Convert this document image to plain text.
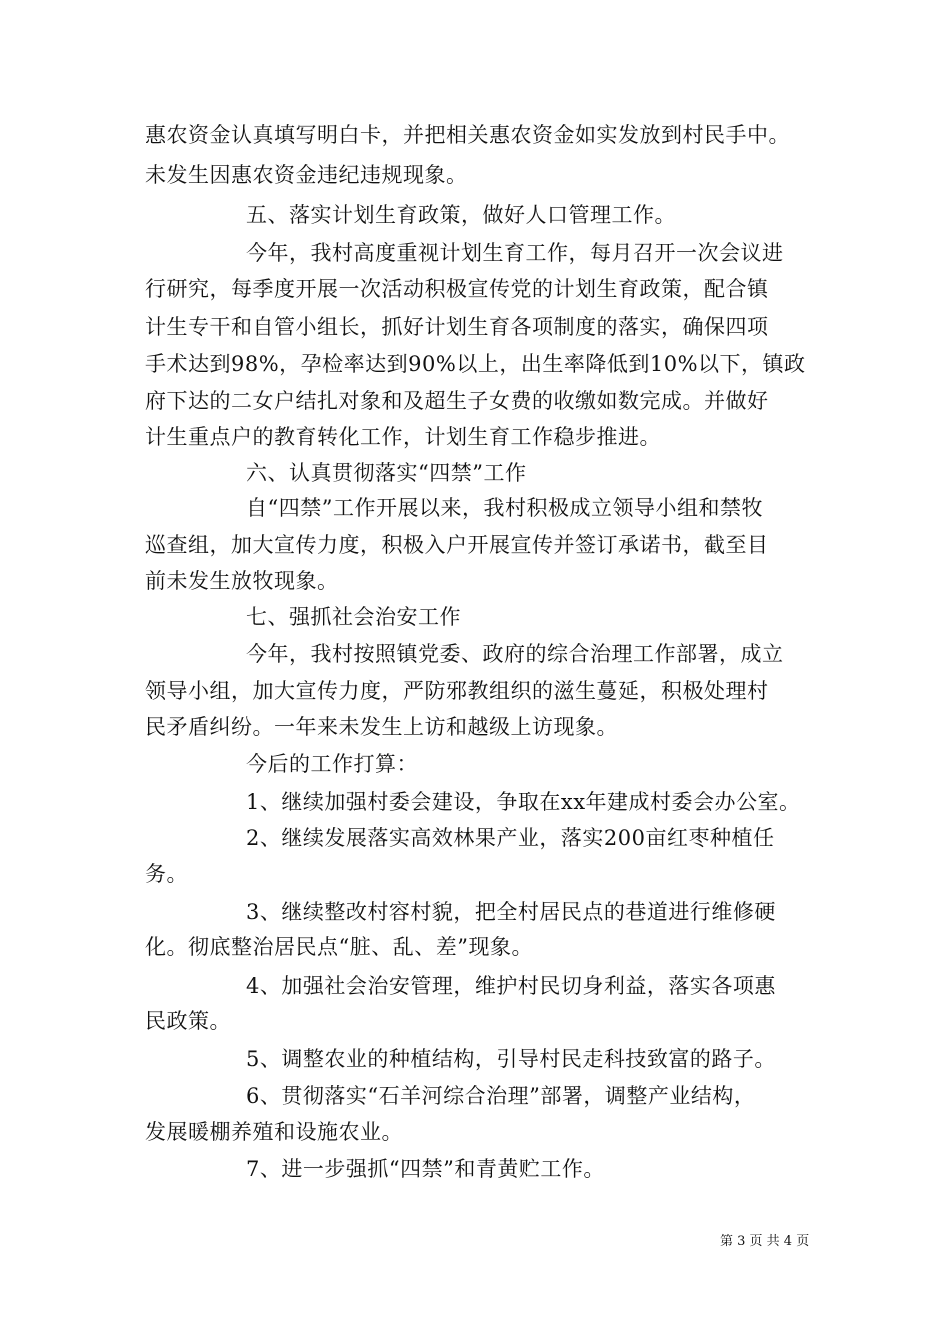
惠农资金认真填写明白卡，并把相关惠农资金如实发放到村民手中。
未发生因惠农资金违纪违规现象。
五、落实计划生育政策，做好人口管理工作。
今年，我村高度重视计划生育工作，每月召开一次会议进
行研究，每季度开展一次活动积极宣传党的计划生育政策，配合镇
计生专干和自管小组长，抓好计划生育各项制度的落实，确保四项
手术达到98%，孕检率达到90%以上，出生率降低到10%以下，镇政
府下达的二女户结扎对象和及超生子女费的收缴如数完成。并做好
计生重点户的教育转化工作，计划生育工作稳步推进。
六、认真贯彻落实“四禁”工作
自“四禁”工作开展以来，我村积极成立领导小组和禁牧
巡查组，加大宣传力度，积极入户开展宣传并签订承诺书，截至目
前未发生放牧现象。
七、强抓社会治安工作
今年，我村按照镇党委、政府的综合治理工作部署，成立
领导小组，加大宣传力度，严防邪教组织的滋生蔓延，积极处理村
民矛盾纠纷。一年来未发生上访和越级上访现象。
今后的工作打算：
1、继续加强村委会建设，争取在xx年建成村委会办公室。
2、继续发展落实高效林果产业，落实200亩红枣种植任
务。
3、继续整改村容村貌，把全村居民点的巷道进行维修硬
化。彻底整治居民点“脏、乱、差”现象。
4、加强社会治安管理，维护村民切身利益，落实各项惠
民政策。
5、调整农业的种植结构，引导村民走科技致富的路子。
6、贯彻落实“石羊河综合治理”部署，调整产业结构，
发展暖棚养殖和设施农业。
7、进一步强抓“四禁”和青黄贮工作。
第 3 页 共 4 页
